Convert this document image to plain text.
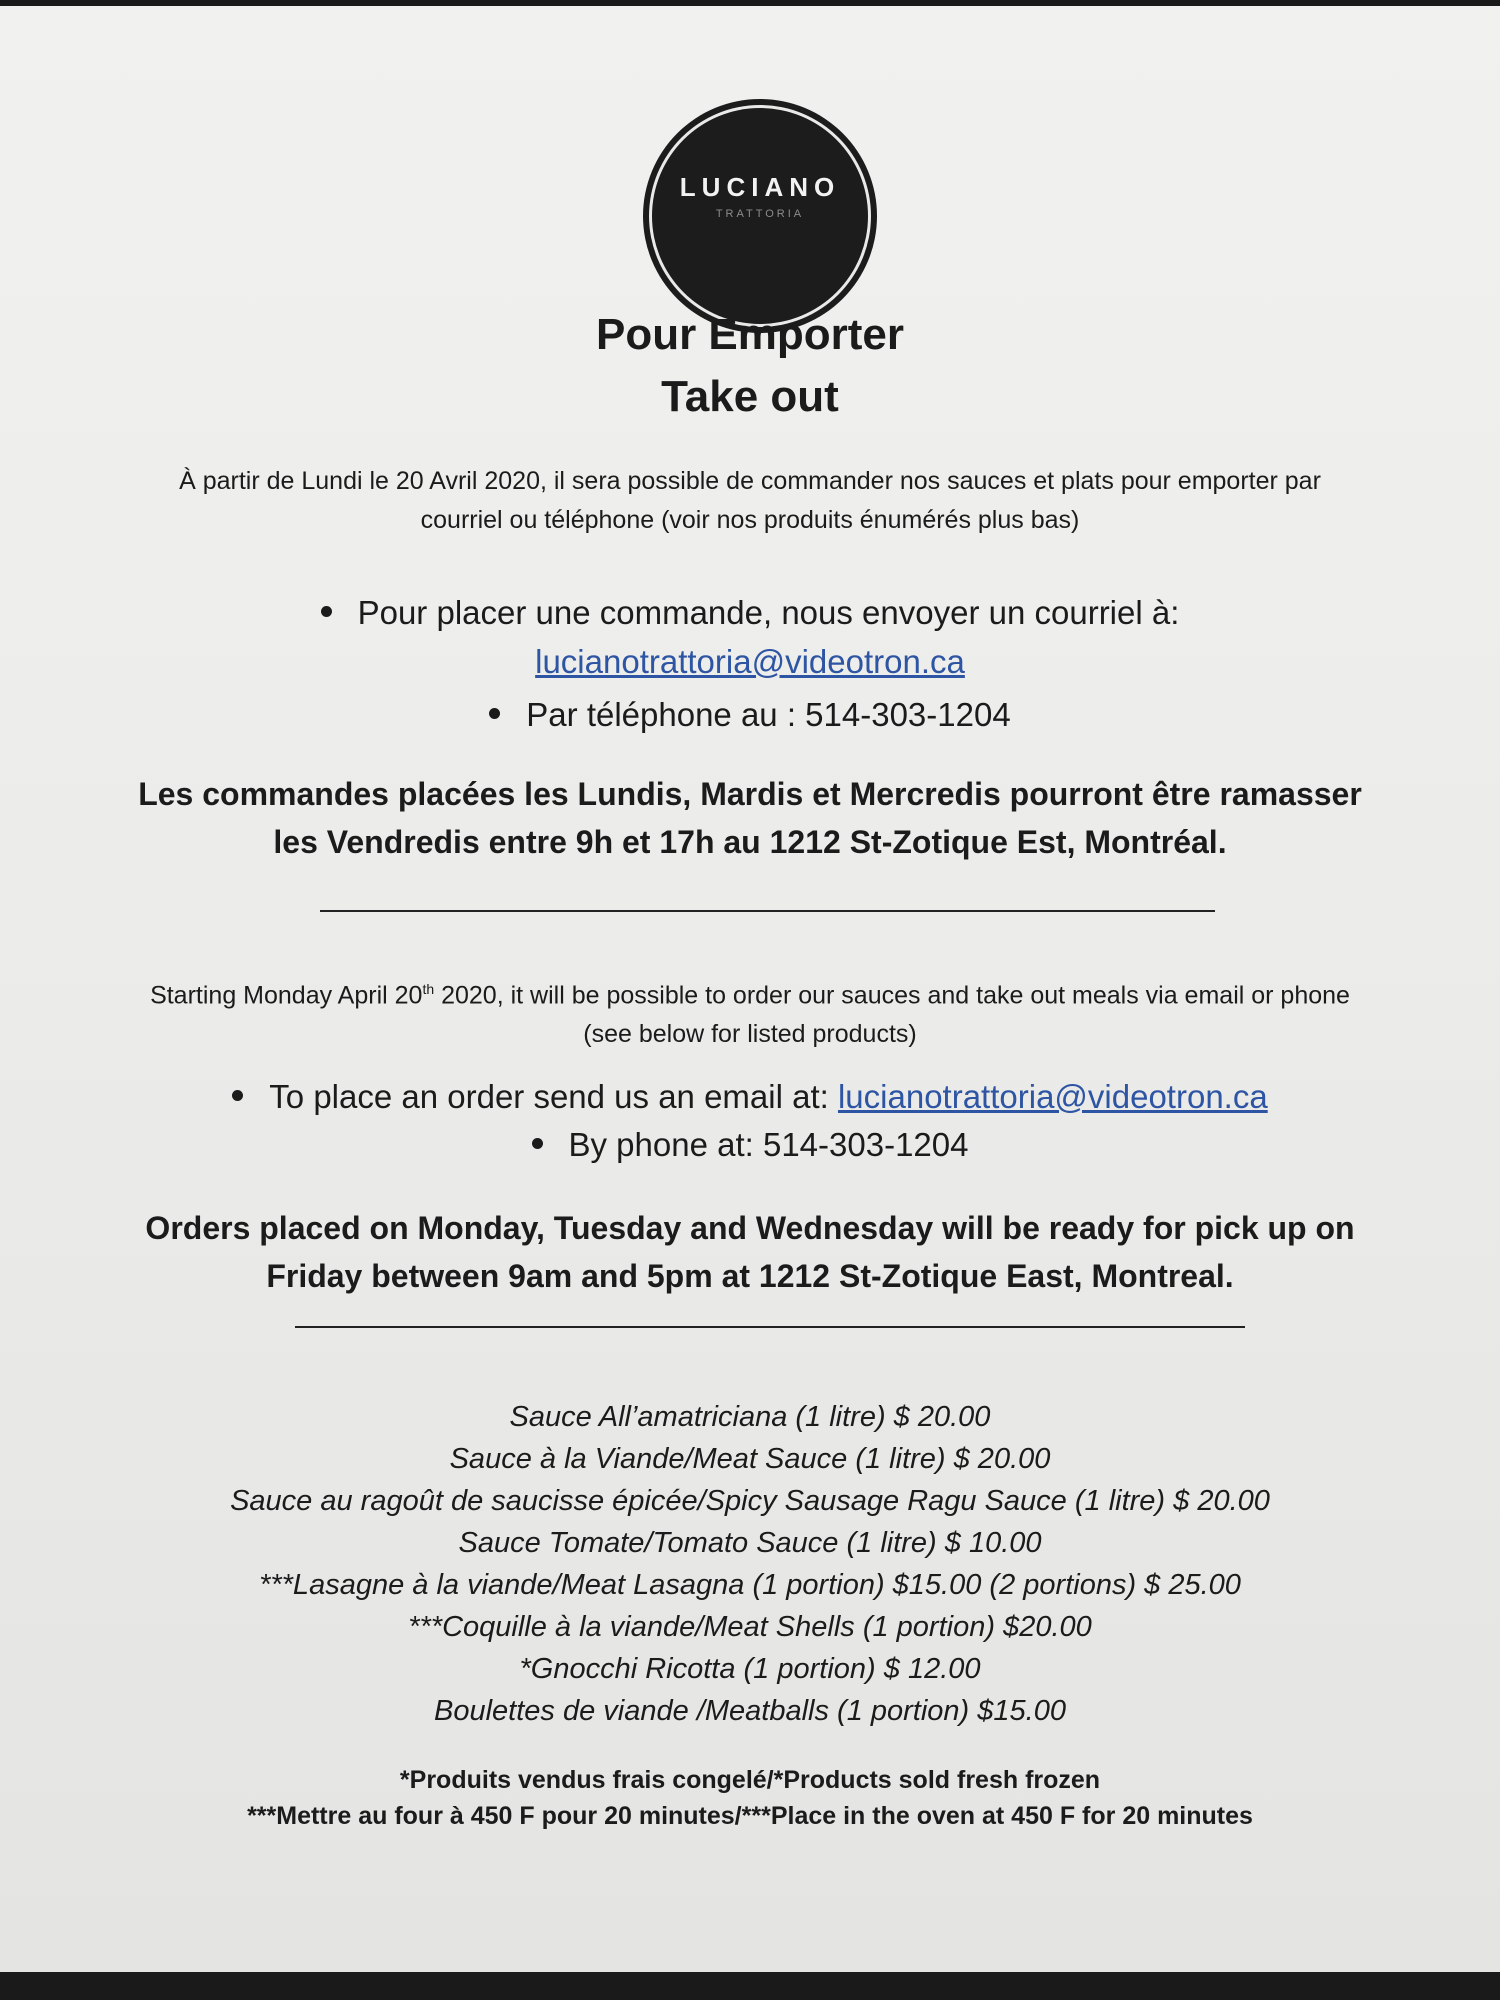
LUCIANO
TRATTORIA
Pour Emporter
Take out
À partir de Lundi le 20 Avril 2020, il sera possible de commander nos sauces et plats pour emporter par
courriel ou téléphone (voir nos produits énumérés plus bas)
Pour placer une commande, nous envoyer un courriel à:
lucianotrattoria@videotron.ca
Par téléphone au : 514-303-1204
Les commandes placées les Lundis, Mardis et Mercredis pourront être ramasser
les Vendredis entre 9h et 17h au 1212 St-Zotique Est, Montréal.
Starting Monday April 20th 2020, it will be possible to order our sauces and take out meals via email or phone
(see below for listed products)
To place an order send us an email at: lucianotrattoria@videotron.ca
By phone at: 514-303-1204
Orders placed on Monday, Tuesday and Wednesday will be ready for pick up on
Friday between 9am and 5pm at 1212 St-Zotique East, Montreal.
Sauce All’amatriciana (1 litre) $ 20.00
Sauce à la Viande/Meat Sauce (1 litre) $ 20.00
Sauce au ragoût de saucisse épicée/Spicy Sausage Ragu Sauce (1 litre) $ 20.00
Sauce Tomate/Tomato Sauce (1 litre) $ 10.00
***Lasagne à la viande/Meat Lasagna (1 portion) $15.00 (2 portions) $ 25.00
***Coquille à la viande/Meat Shells (1 portion) $20.00
*Gnocchi Ricotta (1 portion) $ 12.00
Boulettes de viande /Meatballs (1 portion) $15.00
*Produits vendus frais congelé/*Products sold fresh frozen
***Mettre au four à 450 F pour 20 minutes/***Place in the oven at 450 F for 20 minutes
